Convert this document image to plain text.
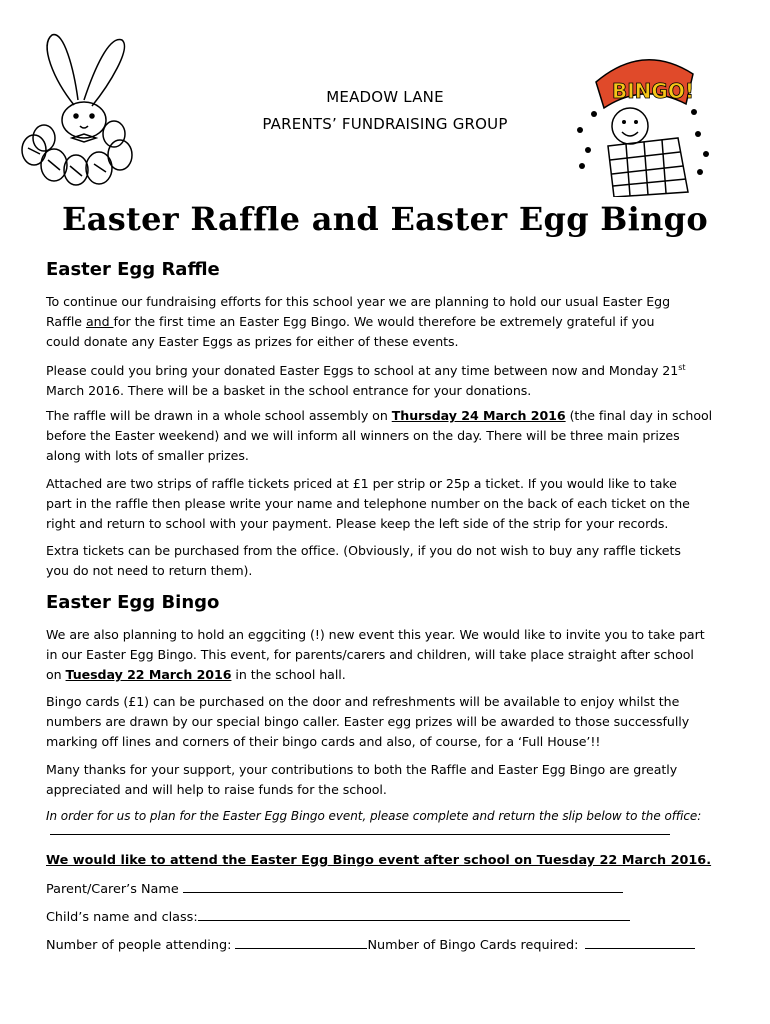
BINGO!
MEADOW LANE
PARENTS’ FUNDRAISING GROUP
Easter Raffle and Easter Egg Bingo
Easter Egg Raffle
To continue our fundraising efforts for this school year we are planning to hold our usual Easter Egg
Raffle and for the first time an Easter Egg Bingo. We would therefore be extremely grateful if you
could donate any Easter Eggs as prizes for either of these events.
Please could you bring your donated Easter Eggs to school at any time between now and Monday 21st
March 2016. There will be a basket in the school entrance for your donations.
The raffle will be drawn in a whole school assembly on Thursday 24 March 2016 (the final day in school
before the Easter weekend) and we will inform all winners on the day. There will be three main prizes
along with lots of smaller prizes.
Attached are two strips of raffle tickets priced at £1 per strip or 25p a ticket. If you would like to take
part in the raffle then please write your name and telephone number on the back of each ticket on the
right and return to school with your payment. Please keep the left side of the strip for your records.
Extra tickets can be purchased from the office. (Obviously, if you do not wish to buy any raffle tickets
you do not need to return them).
Easter Egg Bingo
We are also planning to hold an eggciting (!) new event this year. We would like to invite you to take part
in our Easter Egg Bingo. This event, for parents/carers and children, will take place straight after school
on Tuesday 22 March 2016 in the school hall.
Bingo cards (£1) can be purchased on the door and refreshments will be available to enjoy whilst the
numbers are drawn by our special bingo caller. Easter egg prizes will be awarded to those successfully
marking off lines and corners of their bingo cards and also, of course, for a ‘Full House’!!
Many thanks for your support, your contributions to both the Raffle and Easter Egg Bingo are greatly
appreciated and will help to raise funds for the school.
In order for us to plan for the Easter Egg Bingo event, please complete and return the slip below to the office:
We would like to attend the Easter Egg Bingo event after school on Tuesday 22 March 2016.
Parent/Carer’s Name
Child’s name and class:
Number of people attending:	Number of Bingo Cards required:
